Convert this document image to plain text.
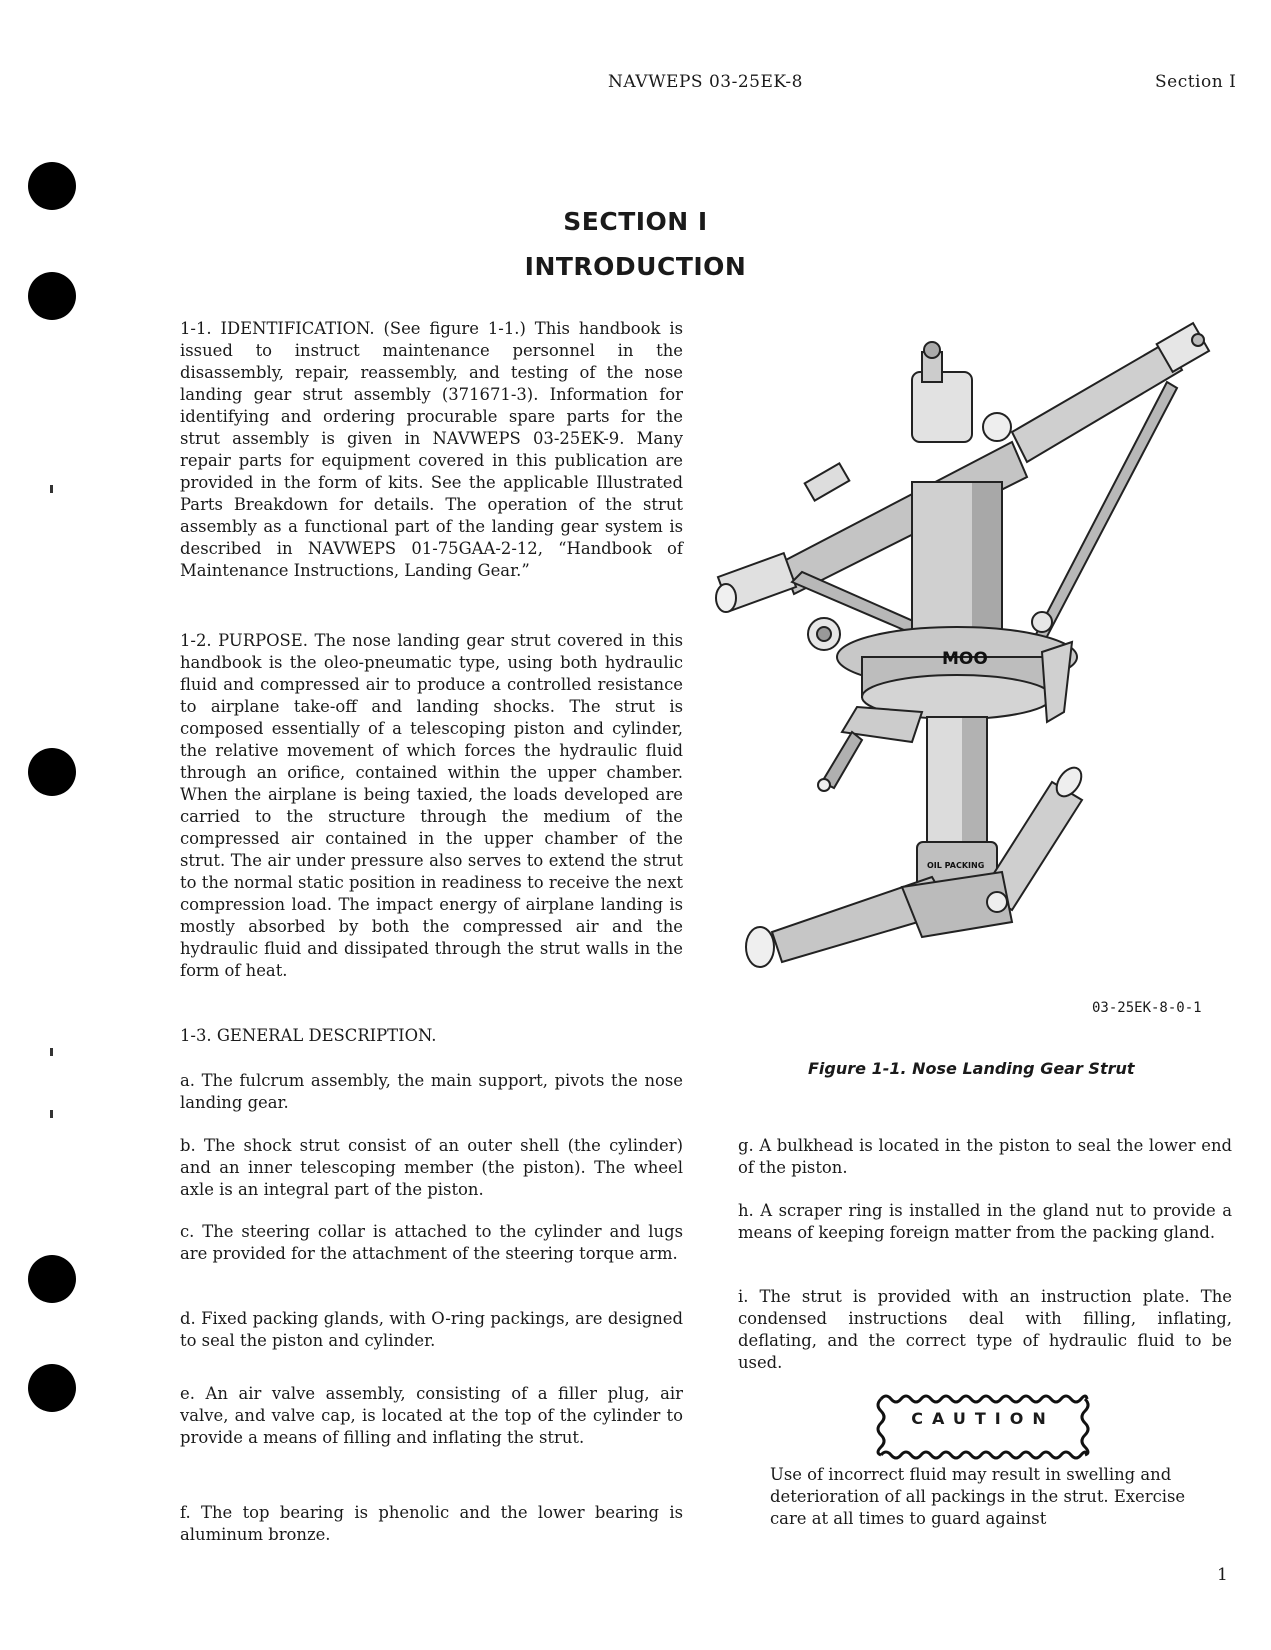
NAVWEPS 03-25EK-8	Section I
SECTION I
INTRODUCTION

1-1. IDENTIFICATION. (See figure 1-1.) This handbook is issued to instruct maintenance personnel in the disassembly, repair, reassembly, and testing of the nose landing gear strut assembly (371671-3). Information for identifying and ordering procurable spare parts for the strut assembly is given in NAVWEPS 03-25EK-9. Many repair parts for equipment covered in this publication are provided in the form of kits. See the applicable Illustrated Parts Breakdown for details. The operation of the strut assembly as a functional part of the landing gear system is described in NAVWEPS 01-75GAA-2-12, “Handbook of Maintenance Instructions, Landing Gear.”

1-2. PURPOSE. The nose landing gear strut covered in this handbook is the oleo-pneumatic type, using both hydraulic fluid and compressed air to produce a controlled resistance to airplane take-off and landing shocks. The strut is composed essentially of a telescoping piston and cylinder, the relative movement of which forces the hydraulic fluid through an orifice, contained within the upper chamber. When the airplane is being taxied, the loads developed are carried to the structure through the medium of the compressed air contained in the upper chamber of the strut. The air under pressure also serves to extend the strut to the normal static position in readiness to receive the next compression load. The impact energy of airplane landing is mostly absorbed by both the compressed air and the hydraulic fluid and dissipated through the strut walls in the form of heat.

1-3. GENERAL DESCRIPTION.

a. The fulcrum assembly, the main support, pivots the nose landing gear.

b. The shock strut consist of an outer shell (the cylinder) and an inner telescoping member (the piston). The wheel axle is an integral part of the piston.

c. The steering collar is attached to the cylinder and lugs are provided for the attachment of the steering torque arm.

d. Fixed packing glands, with O-ring packings, are designed to seal the piston and cylinder.

e. An air valve assembly, consisting of a filler plug, air valve, and valve cap, is located at the top of the cylinder to provide a means of filling and inflating the strut.

f. The top bearing is phenolic and the lower bearing is aluminum bronze.

MOO
OIL PACKING
03-25EK-8-0-1
Figure 1-1. Nose Landing Gear Strut

g. A bulkhead is located in the piston to seal the lower end of the piston.

h. A scraper ring is installed in the gland nut to provide a means of keeping foreign matter from the packing gland.

i. The strut is provided with an instruction plate. The condensed instructions deal with filling, inflating, deflating, and the correct type of hydraulic fluid to be used.

CAUTION

Use of incorrect fluid may result in swelling and deterioration of all packings in the strut. Exercise care at all times to guard against

1
